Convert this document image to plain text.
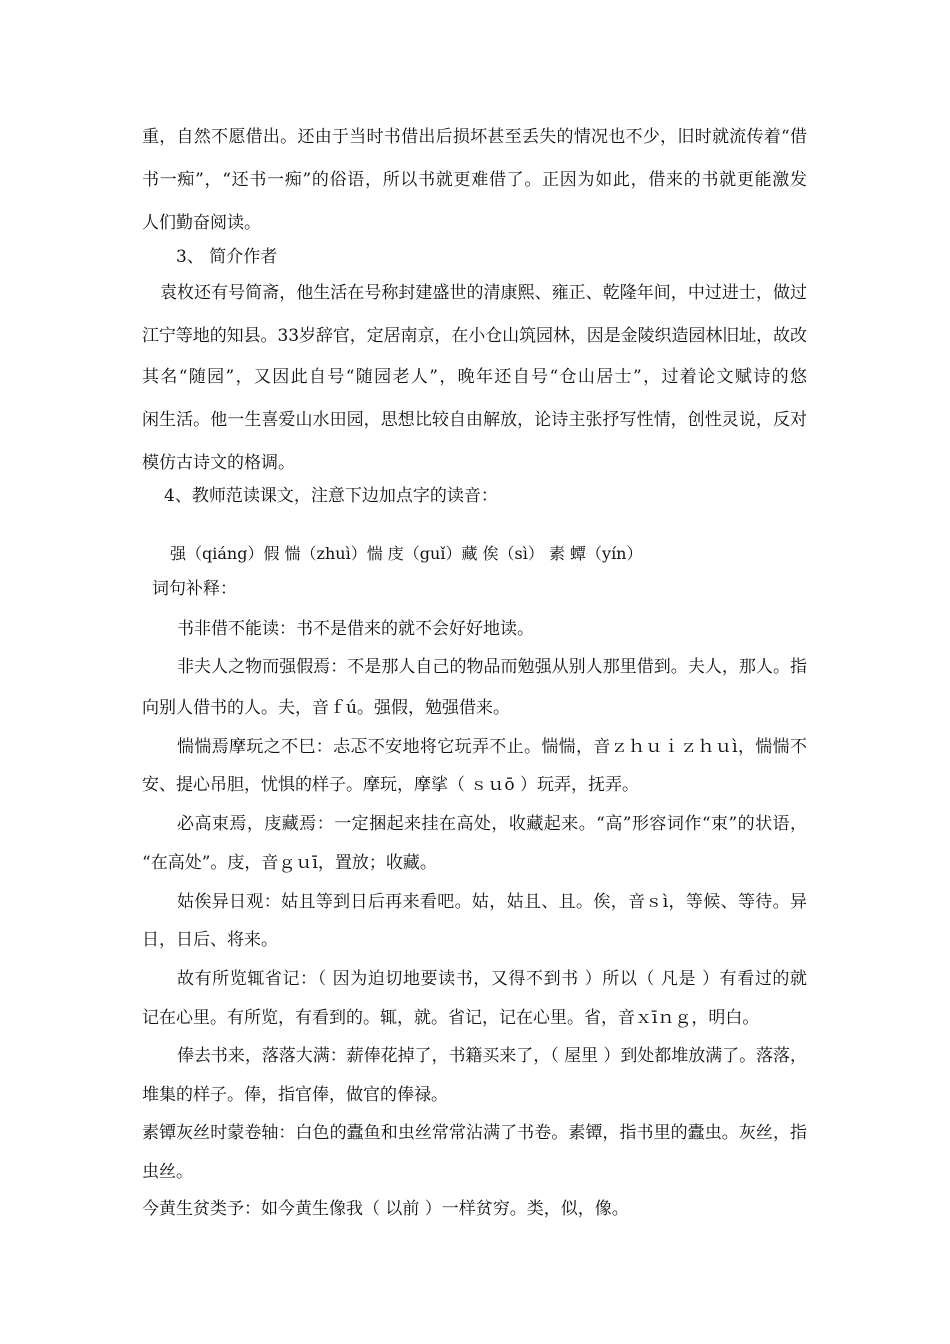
重，自然不愿借出。还由于当时书借出后损坏甚至丢失的情况也不少，旧时就流传着“借
书一痴”，“还书一痴”的俗语，所以书就更难借了。正因为如此，借来的书就更能激发
人们勤奋阅读。
3、 简介作者
袁枚还有号简斋，他生活在号称封建盛世的清康熙、雍正、乾隆年间，中过进士，做过
江宁等地的知县。33岁辞官，定居南京，在小仓山筑园林，因是金陵织造园林旧址，故改
其名“随园”，又因此自号“随园老人”，晚年还自号“仓山居士”，过着论文赋诗的悠
闲生活。他一生喜爱山水田园，思想比较自由解放，论诗主张抒写性情，创性灵说，反对
模仿古诗文的格调。
4、教师范读课文，注意下边加点字的读音：
强（qiáng）假 惴（zhuì）惴 庋（guǐ）藏 俟（sì） 素 蟫（yín）
词句补释：
书非借不能读：书不是借来的就不会好好地读。
非夫人之物而强假焉：不是那人自己的物品而勉强从别人那里借到。夫人，那人。指
向别人借书的人。夫，音ｆú。强假，勉强借来。
惴惴焉摩玩之不巳：忐忑不安地将它玩弄不止。惴惴，音ｚｈｕｉｚｈｕì，惴惴不
安、提心吊胆，忧惧的样子。摩玩，摩挲（ ｓｕō ）玩弄，抚弄。
必高束焉，庋藏焉：一定捆起来挂在高处，收藏起来。“高”形容词作“束”的状语，
“在高处”。庋，音ｇｕī，置放；收藏。
姑俟异日观：姑且等到日后再来看吧。姑，姑且、且。俟，音ｓì，等候、等待。异
日，日后、将来。
故有所览辄省记：（ 因为迫切地要读书，又得不到书 ）所以（ 凡是 ）有看过的就
记在心里。有所览，有看到的。辄，就。省记，记在心里。省，音ｘīｎｇ，明白。
俸去书来，落落大满：薪俸花掉了，书籍买来了，（ 屋里 ）到处都堆放满了。落落，
堆集的样子。俸，指官俸，做官的俸禄。
素镡灰丝时蒙卷轴：白色的蠹鱼和虫丝常常沾满了书卷。素镡，指书里的蠹虫。灰丝，指
虫丝。
今黄生贫类予：如今黄生像我（ 以前 ）一样贫穷。类，似，像。
